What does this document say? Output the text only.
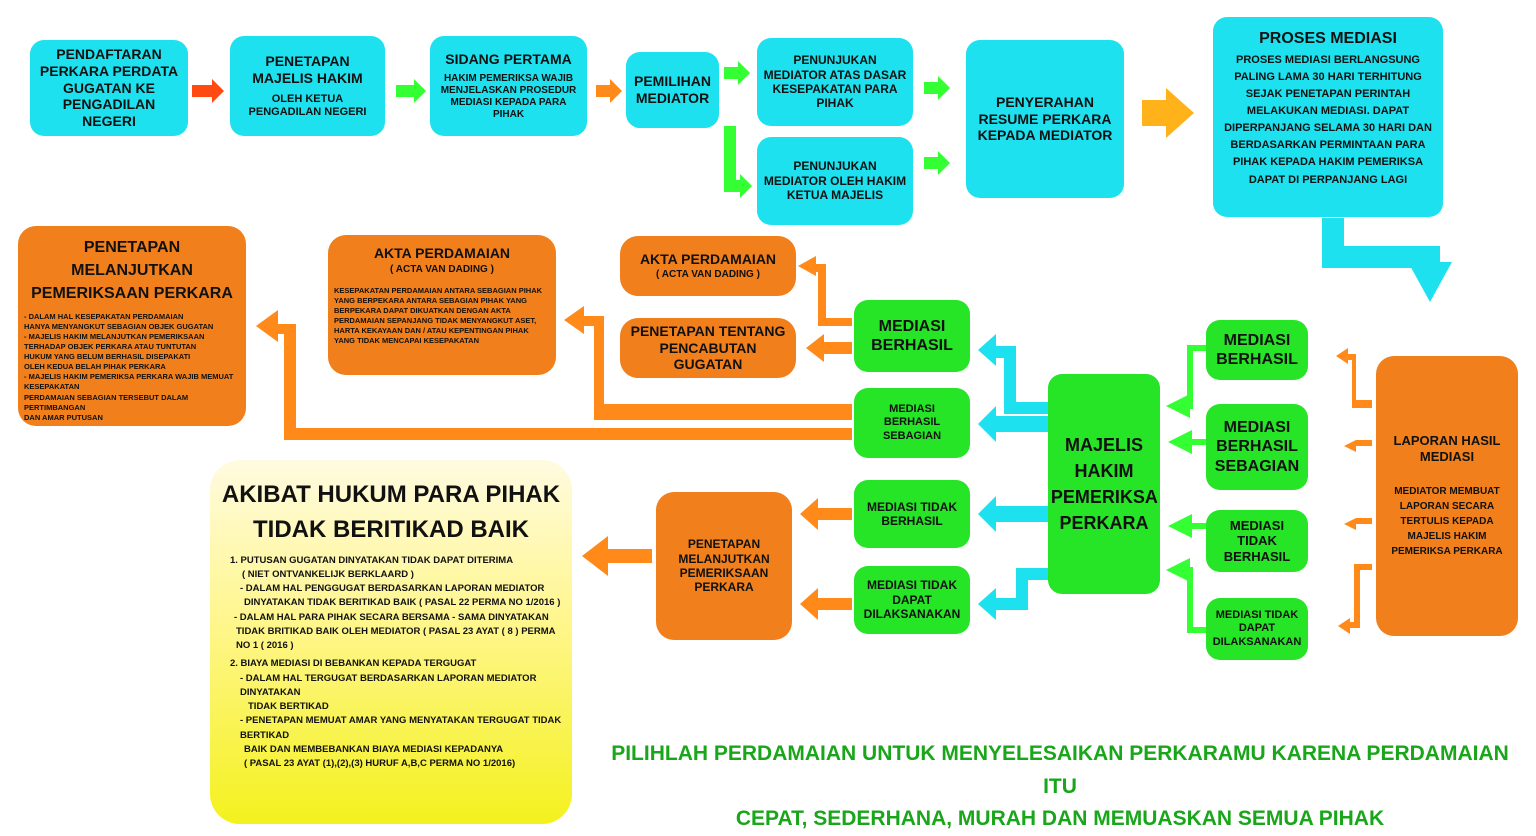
PENDAFTARAN PERKARA PERDATA GUGATAN KE PENGADILAN NEGERI
PENETAPAN MAJELIS HAKIM
OLEH KETUA PENGADILAN NEGERI
SIDANG PERTAMA
HAKIM PEMERIKSA WAJIB MENJELASKAN PROSEDUR MEDIASI KEPADA PARA PIHAK
PEMILIHAN MEDIATOR
PENUNJUKAN MEDIATOR ATAS DASAR KESEPAKATAN PARA PIHAK
PENUNJUKAN MEDIATOR OLEH HAKIM KETUA MAJELIS
PENYERAHAN RESUME PERKARA KEPADA MEDIATOR
PROSES MEDIASI
PROSES MEDIASI BERLANGSUNG PALING LAMA 30 HARI TERHITUNG SEJAK PENETAPAN PERINTAH MELAKUKAN MEDIASI. DAPAT DIPERPANJANG SELAMA 30 HARI DAN BERDASARKAN PERMINTAAN PARA PIHAK KEPADA HAKIM PEMERIKSA DAPAT DI PERPANJANG LAGI
LAPORAN HASIL MEDIASI
MEDIATOR MEMBUAT LAPORAN SECARA TERTULIS KEPADA MAJELIS HAKIM PEMERIKSA PERKARA
MEDIASI BERHASIL
MEDIASI BERHASIL SEBAGIAN
MEDIASI TIDAK BERHASIL
MEDIASI TIDAK DAPAT DILAKSANAKAN
MAJELIS HAKIM PEMERIKSA PERKARA
MEDIASI BERHASIL
MEDIASI BERHASIL SEBAGIAN
MEDIASI TIDAK BERHASIL
MEDIASI TIDAK DAPAT DILAKSANAKAN
AKTA PERDAMAIAN
( ACTA VAN DADING )
PENETAPAN TENTANG PENCABUTAN GUGATAN
AKTA PERDAMAIAN
( ACTA VAN DADING )
KESEPAKATAN PERDAMAIAN ANTARA SEBAGIAN PIHAK YANG BERPEKARA ANTARA SEBAGIAN PIHAK YANG BERPEKARA DAPAT DIKUATKAN DENGAN AKTA PERDAMAIAN SEPANJANG TIDAK MENYANGKUT ASET, HARTA KEKAYAAN DAN / ATAU KEPENTINGAN PIHAK YANG TIDAK MENCAPAI KESEPAKATAN
PENETAPAN MELANJUTKAN PEMERIKSAAN PERKARA
- DALAM HAL KESEPAKATAN PERDAMAIAN
HANYA MENYANGKUT SEBAGIAN OBJEK GUGATAN
- MAJELIS HAKIM MELANJUTKAN PEMERIKSAAN
TERHADAP OBJEK PERKARA ATAU TUNTUTAN
HUKUM YANG BELUM BERHASIL DISEPAKATI
OLEH KEDUA BELAH PIHAK PERKARA
- MAJELIS HAKIM PEMERIKSA PERKARA WAJIB MEMUAT KESEPAKATAN
PERDAMAIAN SEBAGIAN TERSEBUT DALAM PERTIMBANGAN
DAN AMAR PUTUSAN
PENETAPAN MELANJUTKAN PEMERIKSAAN PERKARA
AKIBAT HUKUM PARA PIHAK TIDAK BERITIKAD BAIK
1. PUTUSAN GUGATAN DINYATAKAN TIDAK DAPAT DITERIMA
( NIET ONTVANKELIJK BERKLAARD )
- DALAM HAL PENGGUGAT BERDASARKAN LAPORAN MEDIATOR
DINYATAKAN TIDAK BERITIKAD BAIK ( PASAL 22 PERMA NO 1/2016 )
- DALAM HAL PARA PIHAK SECARA BERSAMA - SAMA DINYATAKAN
TIDAK BRITIKAD BAIK OLEH MEDIATOR ( PASAL 23 AYAT ( 8 ) PERMA
NO 1 ( 2016 )
2. BIAYA MEDIASI DI BEBANKAN KEPADA TERGUGAT
- DALAM HAL TERGUGAT BERDASARKAN LAPORAN MEDIATOR DINYATAKAN
TIDAK BERTIKAD
- PENETAPAN MEMUAT AMAR YANG MENYATAKAN TERGUGAT TIDAK BERTIKAD
BAIK DAN MEMBEBANKAN BIAYA MEDIASI KEPADANYA
( PASAL 23 AYAT (1),(2),(3) HURUF A,B,C PERMA NO 1/2016)	PILIHLAH PERDAMAIAN UNTUK MENYELESAIKAN PERKARAMU KARENA PERDAMAIAN ITU
CEPAT, SEDERHANA, MURAH DAN MEMUASKAN SEMUA PIHAK
